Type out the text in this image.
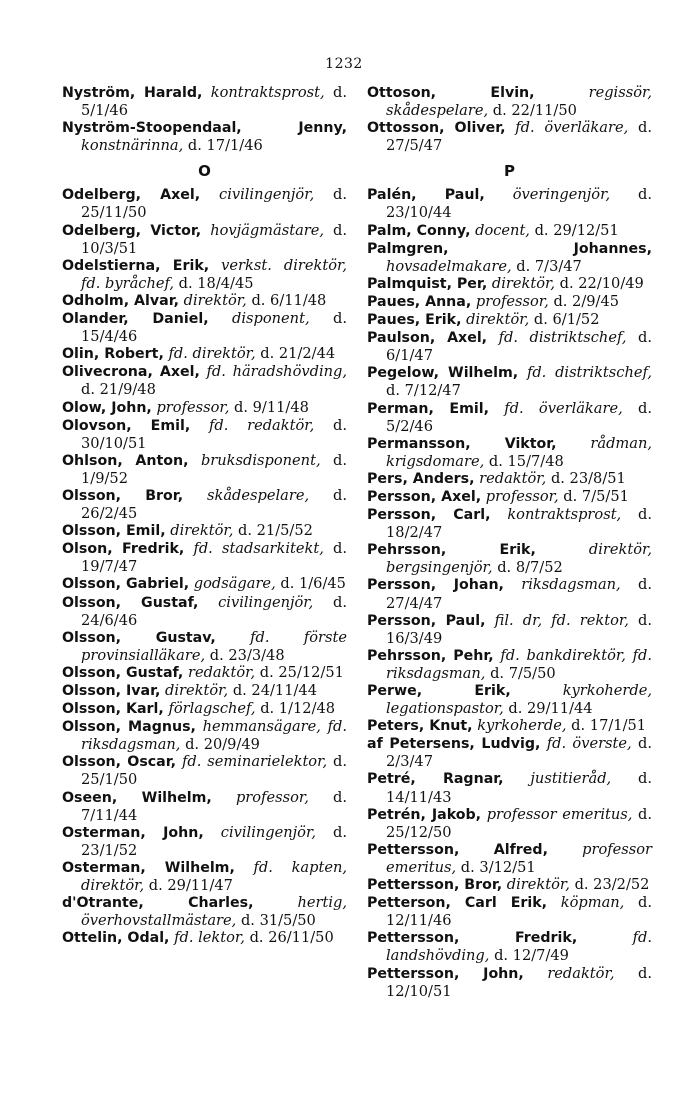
1232

Nyström, Harald, kontraktsprost, d. 5/1/46

Nyström-Stoopendaal, Jenny, konstnärinna, d. 17/1/46

O

Odelberg, Axel, civilingenjör, d. 25/11/50

Odelberg, Victor, hovjägmästare, d. 10/3/51

Odelstierna, Erik, verkst. direktör, fd. byråchef, d. 18/4/45

Odholm, Alvar, direktör, d. 6/11/48

Olander, Daniel, disponent, d. 15/4/46

Olin, Robert, fd. direktör, d. 21/2/44

Olivecrona, Axel, fd. häradshövding, d. 21/9/48

Olow, John, professor, d. 9/11/48

Olovson, Emil, fd. redaktör, d. 30/10/51

Ohlson, Anton, bruksdisponent, d. 1/9/52

Olsson, Bror, skådespelare, d. 26/2/45

Olsson, Emil, direktör, d. 21/5/52

Olson, Fredrik, fd. stadsarkitekt, d. 19/7/47

Olsson, Gabriel, godsägare, d. 1/6/45

Olsson, Gustaf, civilingenjör, d. 24/6/46

Olsson, Gustav, fd. förste provinsialläkare, d. 23/3/48

Olsson, Gustaf, redaktör, d. 25/12/51

Olsson, Ivar, direktör, d. 24/11/44

Olsson, Karl, förlagschef, d. 1/12/48

Olsson, Magnus, hemmansägare, fd. riksdagsman, d. 20/9/49

Olsson, Oscar, fd. seminarielektor, d. 25/1/50

Oseen, Wilhelm, professor, d. 7/11/44

Osterman, John, civilingenjör, d. 23/1/52

Osterman, Wilhelm, fd. kapten, direktör, d. 29/11/47

d'Otrante, Charles,	hertig, överhovstallmästare, d. 31/5/50

Ottelin, Odal, fd. lektor, d. 26/11/50

Ottoson, Elvin,	regissör, skådespelare, d. 22/11/50

Ottosson, Oliver, fd. överläkare, d. 27/5/47

P

Palén, Paul, överingenjör, d. 23/10/44

Palm, Conny, docent, d. 29/12/51

Palmgren, Johannes, hovsadelmakare, d. 7/3/47

Palmquist, Per, direktör, d. 22/10/49

Paues, Anna, professor, d. 2/9/45

Paues, Erik, direktör, d. 6/1/52

Paulson, Axel, fd. distriktschef, d. 6/1/47

Pegelow, Wilhelm, fd. distriktschef, d. 7/12/47

Perman, Emil, fd. överläkare, d. 5/2/46

Permansson, Viktor, rådman, krigsdomare, d. 15/7/48

Pers, Anders, redaktör, d. 23/8/51

Persson, Axel, professor, d. 7/5/51

Persson, Carl, kontraktsprost, d. 18/2/47

Pehrsson, Erik,	direktör, bergsingenjör, d. 8/7/52

Persson, Johan, riksdagsman, d. 27/4/47

Persson, Paul, fil. dr, fd. rektor, d. 16/3/49

Pehrsson, Pehr, fd. bankdirektör, fd. riksdagsman, d. 7/5/50

Perwe, Erik,	kyrkoherde, legationspastor, d. 29/11/44

Peters, Knut, kyrkoherde, d. 17/1/51

af Petersens, Ludvig, fd. överste, d. 2/3/47

Petré, Ragnar, justitieråd, d. 14/11/43

Petrén, Jakob, professor emeritus, d. 25/12/50

Pettersson, Alfred, professor emeritus, d. 3/12/51

Pettersson, Bror, direktör, d. 23/2/52

Petterson, Carl Erik, köpman, d. 12/11/46

Pettersson, Fredrik,	fd. landshövding, d. 12/7/49

Pettersson, John, redaktör, d. 12/10/51
